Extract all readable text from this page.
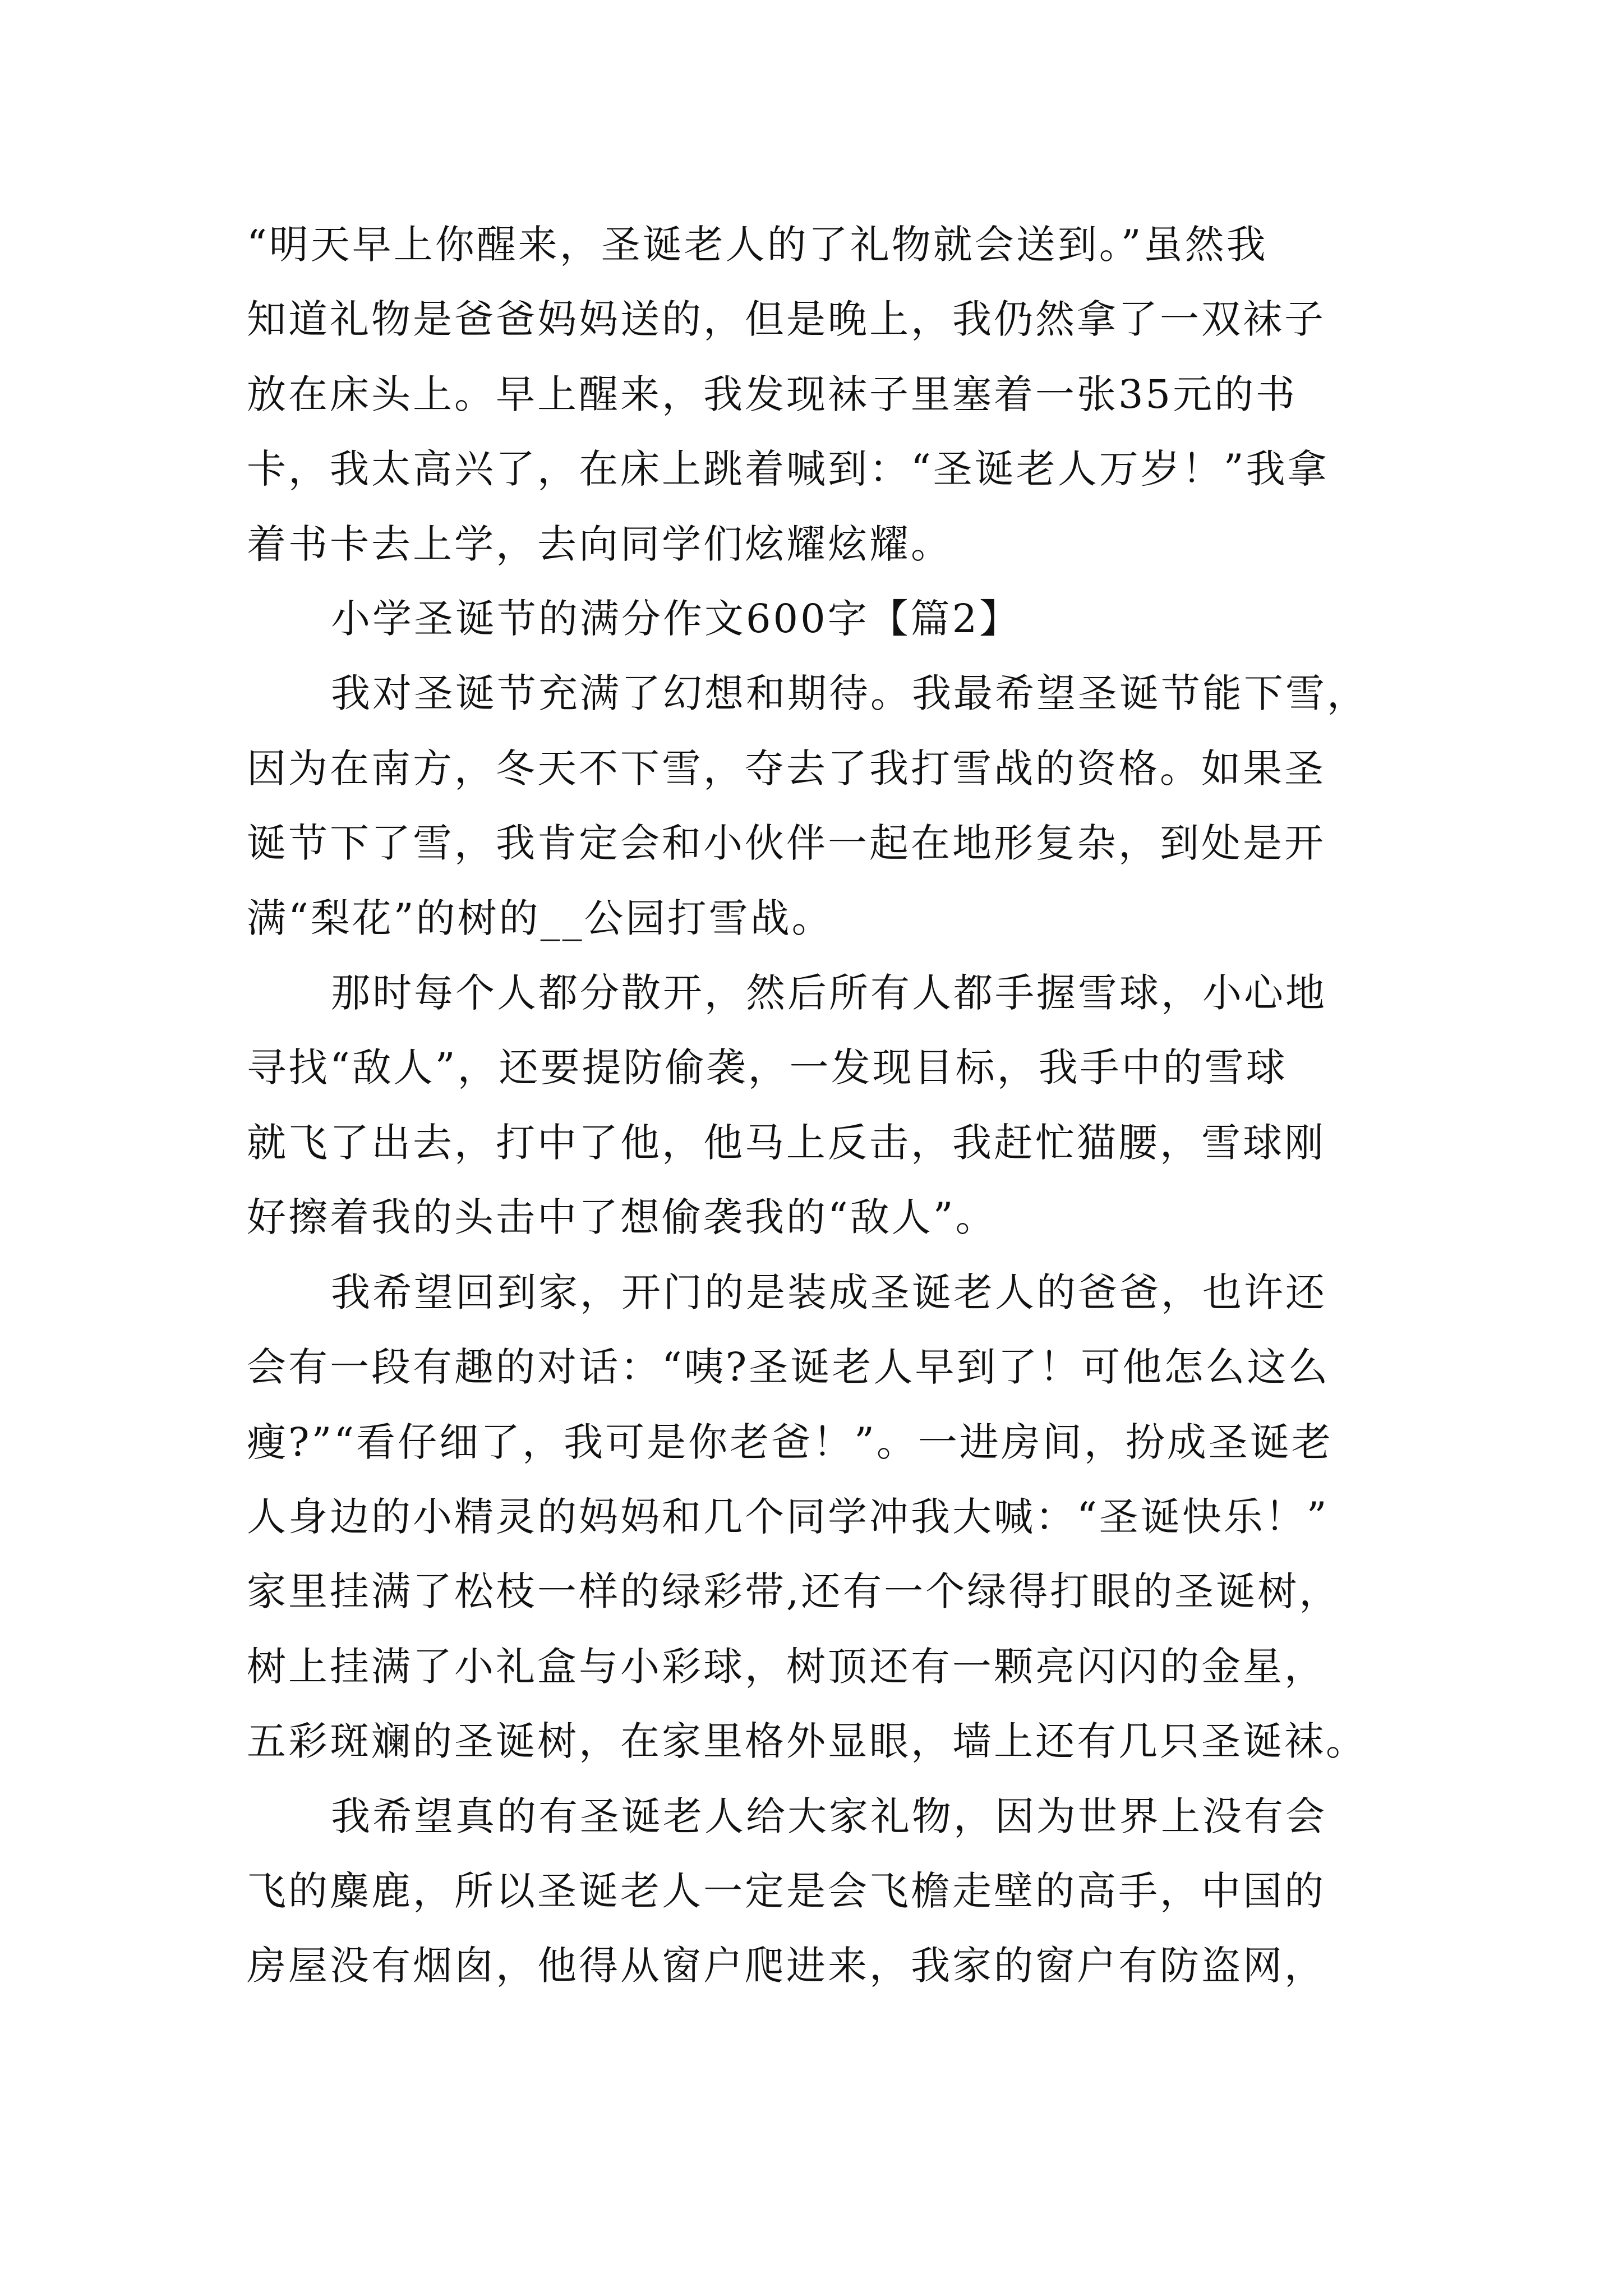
“明天早上你醒来，圣诞老人的了礼物就会送到。”虽然我
知道礼物是爸爸妈妈送的，但是晚上，我仍然拿了一双袜子
放在床头上。早上醒来，我发现袜子里塞着一张35元的书
卡，我太高兴了，在床上跳着喊到：“圣诞老人万岁！”我拿
着书卡去上学，去向同学们炫耀炫耀。

小学圣诞节的满分作文600字【篇2】

我对圣诞节充满了幻想和期待。我最希望圣诞节能下雪，
因为在南方，冬天不下雪，夺去了我打雪战的资格。如果圣
诞节下了雪，我肯定会和小伙伴一起在地形复杂，到处是开
满“梨花”的树的__公园打雪战。

那时每个人都分散开，然后所有人都手握雪球，小心地
寻找“敌人”，还要提防偷袭，一发现目标，我手中的雪球
就飞了出去，打中了他，他马上反击，我赶忙猫腰，雪球刚
好擦着我的头击中了想偷袭我的“敌人”。

我希望回到家，开门的是装成圣诞老人的爸爸，也许还
会有一段有趣的对话：“咦?圣诞老人早到了！可他怎么这么
瘦?”“看仔细了，我可是你老爸！”。一进房间，扮成圣诞老
人身边的小精灵的妈妈和几个同学冲我大喊：“圣诞快乐！”
家里挂满了松枝一样的绿彩带,还有一个绿得打眼的圣诞树，
树上挂满了小礼盒与小彩球，树顶还有一颗亮闪闪的金星，
五彩斑斓的圣诞树，在家里格外显眼，墙上还有几只圣诞袜。

我希望真的有圣诞老人给大家礼物，因为世界上没有会
飞的麋鹿，所以圣诞老人一定是会飞檐走壁的高手，中国的
房屋没有烟囱，他得从窗户爬进来，我家的窗户有防盗网，
